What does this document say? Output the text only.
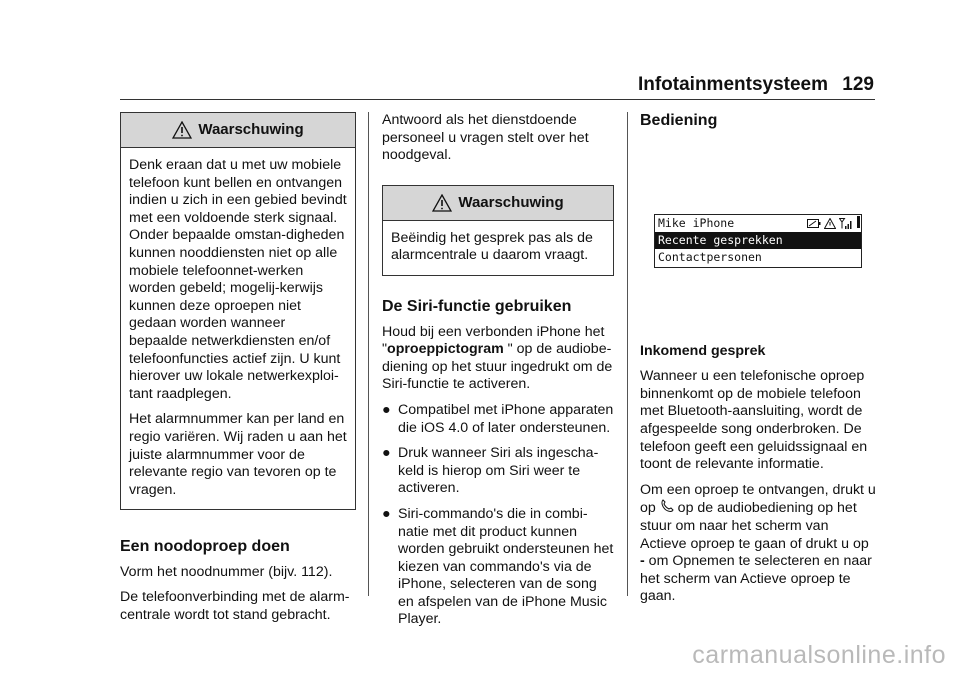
Infotainmentsysteem 129
Waarschuwing

Denk eraan dat u met uw mobiele telefoon kunt bellen en ontvangen indien u zich in een gebied bevindt met een voldoende sterk signaal. Onder bepaalde omstan-digheden kunnen nooddiensten niet op alle mobiele telefoonnet-werken worden gebeld; mogelij-kerwijs kunnen deze oproepen niet gedaan worden wanneer bepaalde netwerkdiensten en/of telefoonfuncties actief zijn. U kunt hierover uw lokale netwerkexploi-tant raadplegen.

Het alarmnummer kan per land en regio variëren. Wij raden u aan het juiste alarmnummer voor de relevante regio van tevoren op te vragen.

Een noodoproep doen

Vorm het noodnummer (bijv. 112).

De telefoonverbinding met de alarm-centrale wordt tot stand gebracht.

Antwoord als het dienstdoende personeel u vragen stelt over het noodgeval.

Waarschuwing

Beëindig het gesprek pas als de alarmcentrale u daarom vraagt.

De Siri-functie gebruiken

Houd bij een verbonden iPhone het "oproeppictogram " op de audiobe-diening op het stuur ingedrukt om de Siri-functie te activeren.

● Compatibel met iPhone apparaten die iOS 4.0 of later ondersteunen.
● Druk wanneer Siri als ingescha-keld is hierop om Siri weer te activeren.
● Siri-commando's die in combi-natie met dit product kunnen worden gebruikt ondersteunen het kiezen van commando's via de iPhone, selecteren van de song en afspelen van de iPhone Music Player.
Bediening
Mike iPhone
Recente gesprekken
Contactpersonen
Inkomend gesprek

Wanneer u een telefonische oproep binnenkomt op de mobiele telefoon met Bluetooth-aansluiting, wordt de afgespeelde song onderbroken. De telefoon geeft een geluidssignaal en toont de relevante informatie.

Om een oproep te ontvangen, drukt u op  op de audiobediening op het stuur om naar het scherm van Actieve oproep te gaan of drukt u op
- om Opnemen te selecteren en naar het scherm van Actieve oproep te gaan.

carmanualsonline.info
